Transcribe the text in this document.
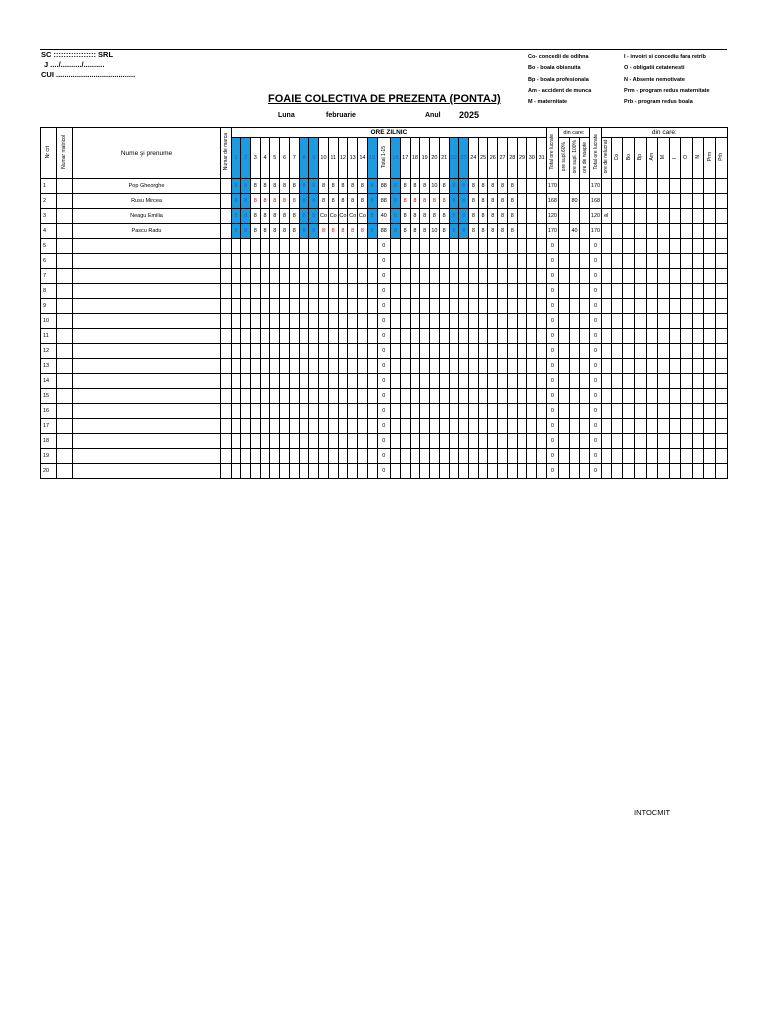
SC ::::::::::::::::: SRL
J ..../........../..........
CUI ......................................
Co- concedii de odihna
Bo - boala obisnuita
Bp - boala profesionala
Am - accident de munca
M - maternitate
I - invoiri si concediu fara retrib
O - obligatii cetatenesti
N - Absente nemotivate
Prm - program redus maternitate
Prb - program redus boala
FOAIE COLECTIVA DE PREZENTA (PONTAJ)
Luna	februarie	Anul 2025
Nr crt	Numar matricol	Nume şi prenume	Numar de marca	ORE ZILNIC																																Total ore lucrate	din care:			Total ore lucrate	din care:										
				1	2	3	4	5	6	7	8	9	10	11	12	13	14	15	Total 1-15	16	17	18	19	20	21	22	23	24	25	26	27	28	29	30	31		ore supl.60%	ore supl. 100%	ore de noapte		ore de nelucrat	Co	Bo	Bp	Am	M	I	O	N	Prm	Prb
1		Pop Gheorghe		8	8	8	8	8	8	8	8	8	8	8	8	8	8	8	88	8	8	8	8	10	8	8	8	8	8	8	8	8				170				170											
2		Rusu Mircea		8	8	8	8	8	8	8	8	8	8	8	8	8	8	8	88	8	8	8	8	8	8	8	8	8	8	8	8	8				168		80		168											
3		Neagu Emilia		8	8	8	8	8	8	8	8	8	Co	Co	Co	Co	Co	8	40	8	8	8	8	8	8	8	8	8	8	8	8	8				120				120	el										
4		Pascu Radu		8	8	8	8	8	8	8	8	8	8	8	8	8	8	8	88	8	8	8	8	10	8	8	8	8	8	8	8	8				170		40		170											
5																			0																	0				0											
6																			0																	0				0											
7																			0																	0				0											
8																			0																	0				0											
9																			0																	0				0											
10																			0																	0				0											
11																			0																	0				0											
12																			0																	0				0											
13																			0																	0				0											
14																			0																	0				0											
15																			0																	0				0											
16																			0																	0				0											
17																			0																	0				0											
18																			0																	0				0											
19																			0																	0				0											
20																			0																	0				0											
INTOCMIT
